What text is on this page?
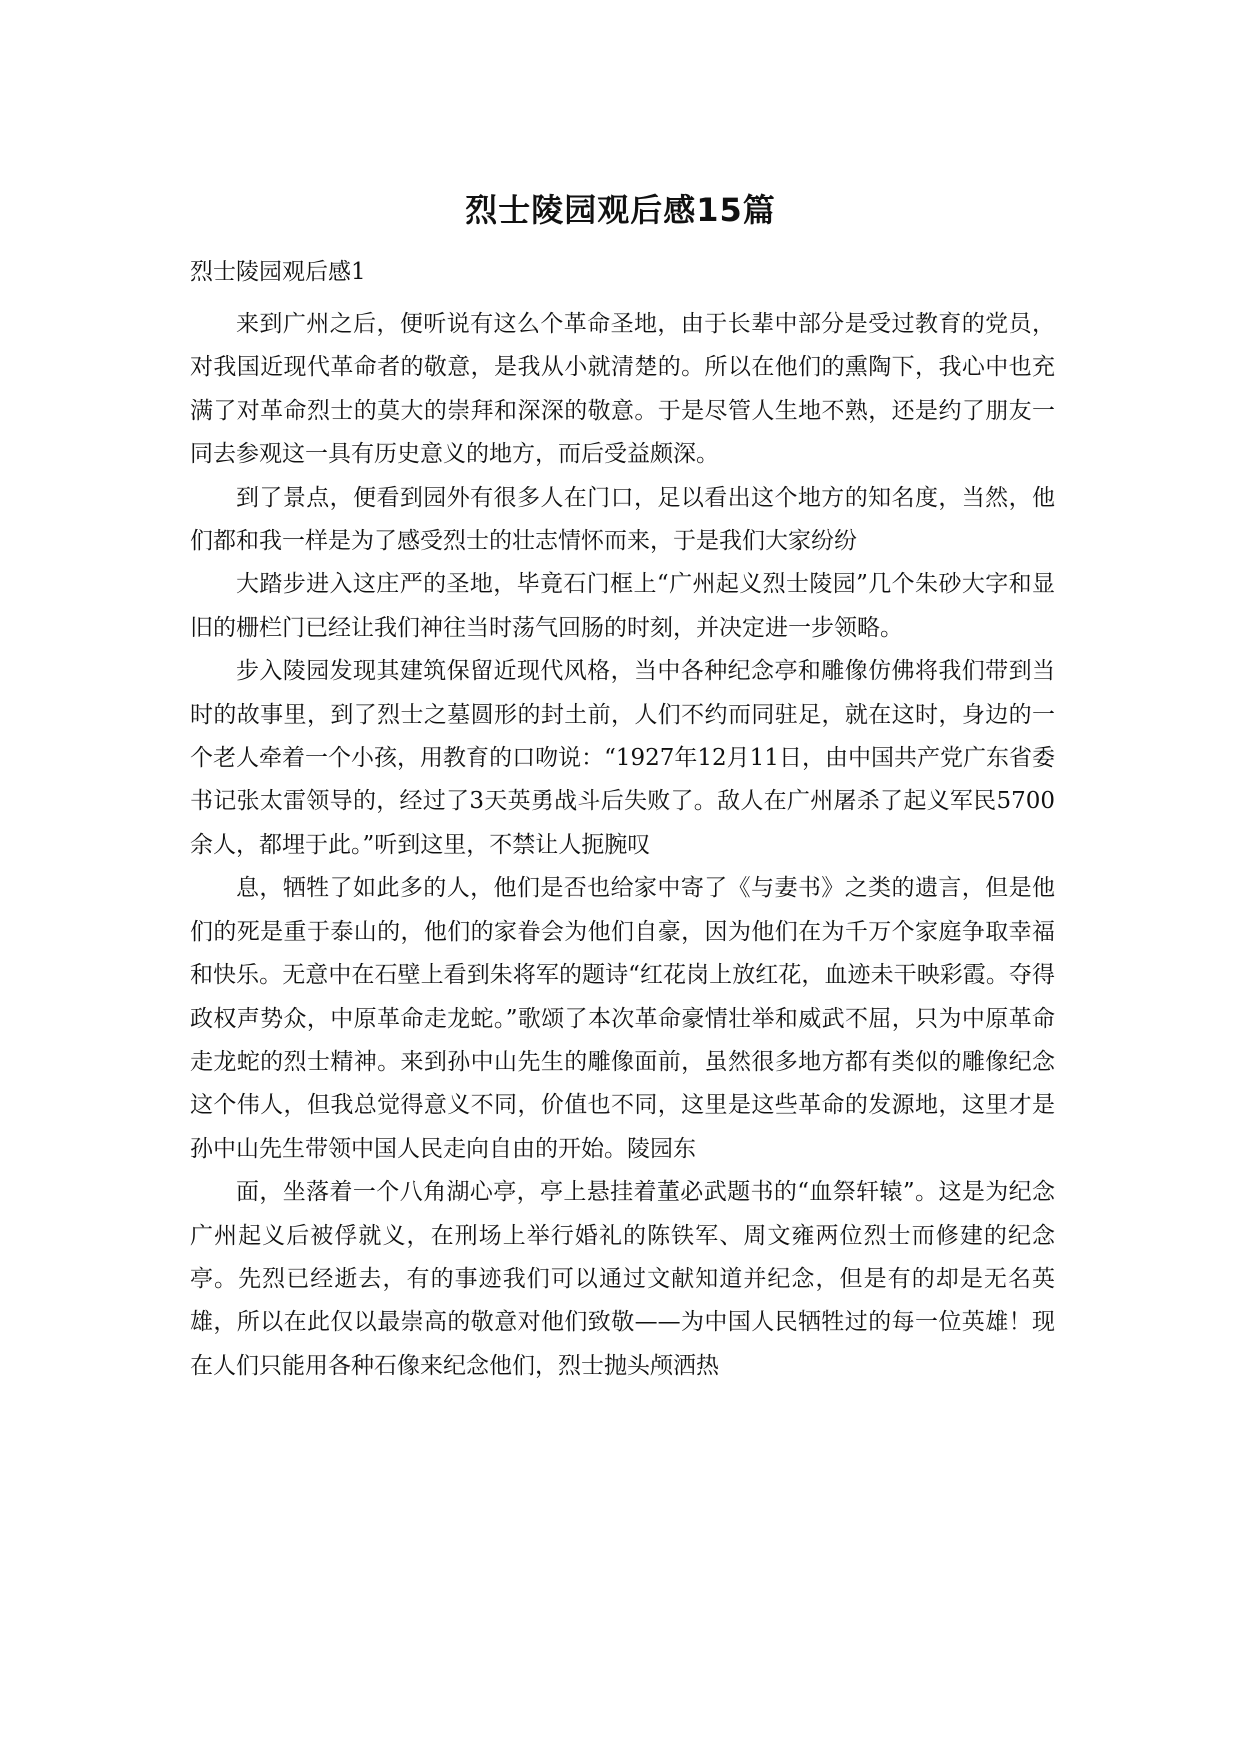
烈士陵园观后感15篇
烈士陵园观后感1

来到广州之后，便听说有这么个革命圣地，由于长辈中部分是受过教育的党员，对我国近现代革命者的敬意，是我从小就清楚的。所以在他们的熏陶下，我心中也充满了对革命烈士的莫大的崇拜和深深的敬意。于是尽管人生地不熟，还是约了朋友一同去参观这一具有历史意义的地方，而后受益颇深。

到了景点，便看到园外有很多人在门口，足以看出这个地方的知名度，当然，他们都和我一样是为了感受烈士的壮志情怀而来，于是我们大家纷纷

大踏步进入这庄严的圣地，毕竟石门框上“广州起义烈士陵园”几个朱砂大字和显旧的栅栏门已经让我们神往当时荡气回肠的时刻，并决定进一步领略。

步入陵园发现其建筑保留近现代风格，当中各种纪念亭和雕像仿佛将我们带到当时的故事里，到了烈士之墓圆形的封土前，人们不约而同驻足，就在这时，身边的一个老人牵着一个小孩，用教育的口吻说：“1927年12月11日，由中国共产党广东省委书记张太雷领导的，经过了3天英勇战斗后失败了。敌人在广州屠杀了起义军民5700余人，都埋于此。”听到这里，不禁让人扼腕叹

息，牺牲了如此多的人，他们是否也给家中寄了《与妻书》之类的遗言，但是他们的死是重于泰山的，他们的家眷会为他们自豪，因为他们在为千万个家庭争取幸福和快乐。无意中在石壁上看到朱将军的题诗“红花岗上放红花，血迹未干映彩霞。夺得政权声势众，中原革命走龙蛇。”歌颂了本次革命豪情壮举和威武不屈，只为中原革命走龙蛇的烈士精神。来到孙中山先生的雕像面前，虽然很多地方都有类似的雕像纪念这个伟人，但我总觉得意义不同，价值也不同，这里是这些革命的发源地，这里才是孙中山先生带领中国人民走向自由的开始。陵园东

面，坐落着一个八角湖心亭，亭上悬挂着董必武题书的“血祭轩辕”。这是为纪念广州起义后被俘就义，在刑场上举行婚礼的陈铁军、周文雍两位烈士而修建的纪念亭。先烈已经逝去，有的事迹我们可以通过文献知道并纪念，但是有的却是无名英雄，所以在此仅以最崇高的敬意对他们致敬——为中国人民牺牲过的每一位英雄！现在人们只能用各种石像来纪念他们，烈士抛头颅洒热
